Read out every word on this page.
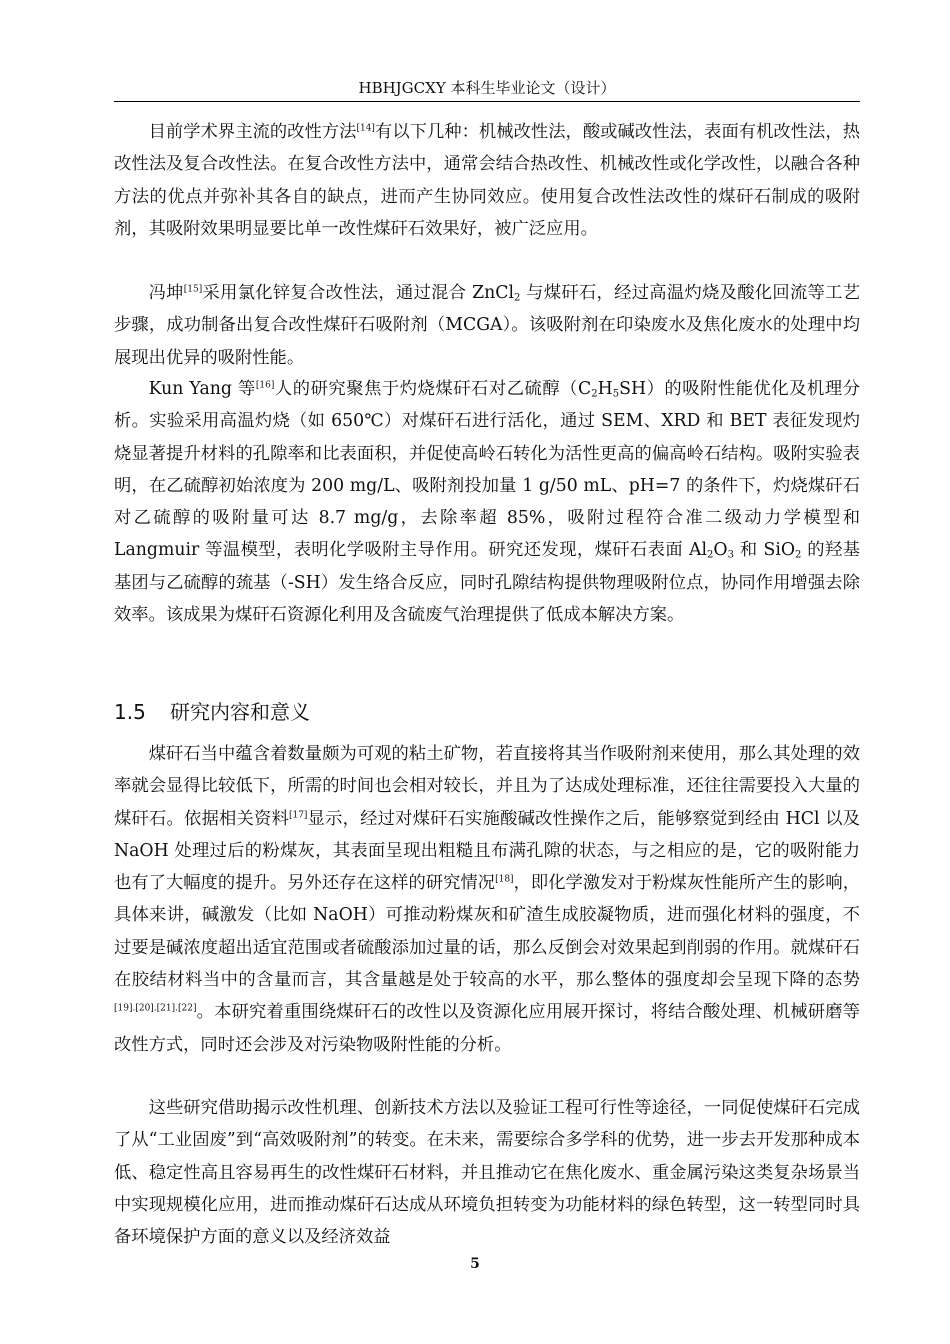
HBHJGCXY 本科生毕业论文（设计）

目前学术界主流的改性方法[14]有以下几种：机械改性法，酸或碱改性法，表面有机改性法，热改性法及复合改性法。在复合改性方法中，通常会结合热改性、机械改性或化学改性，以融合各种方法的优点并弥补其各自的缺点，进而产生协同效应。使用复合改性法改性的煤矸石制成的吸附剂，其吸附效果明显要比单一改性煤矸石效果好，被广泛应用。

冯坤[15]采用氯化锌复合改性法，通过混合 ZnCl$_2$ 与煤矸石，经过高温灼烧及酸化回流等工艺步骤，成功制备出复合改性煤矸石吸附剂（MCGA）。该吸附剂在印染废水及焦化废水的处理中均展现出优异的吸附性能。

Kun Yang 等[16]人的研究聚焦于灼烧煤矸石对乙硫醇$(C_2H_5SH)$的吸附性能优化及机理分析。实验采用高温灼烧（如 650℃）对煤矸石进行活化，通过 SEM、XRD 和 BET 表征发现灼烧显著提升材料的孔隙率和比表面积，并促使高岭石转化为活性更高的偏高岭石结构。吸附实验表明，在乙硫醇初始浓度为 200 mg/L、吸附剂投加量 1 g/50 mL、pH=7 的条件下，灼烧煤矸石对乙硫醇的吸附量可达 8.7 mg/g，去除率超 85%，吸附过程符合准二级动力学模型和 Langmuir 等温模型，表明化学吸附主导作用。研究还发现，煤矸石表面 $Al_2O_3$ 和 SiO$_2$ 的羟基基团与乙硫醇的巯基（-SH）发生络合反应，同时孔隙结构提供物理吸附位点，协同作用增强去除效率。该成果为煤矸石资源化利用及含硫废气治理提供了低成本解决方案。

1.5 研究内容和意义

煤矸石当中蕴含着数量颇为可观的粘土矿物，若直接将其当作吸附剂来使用，那么其处理的效率就会显得比较低下，所需的时间也会相对较长，并且为了达成处理标准，还往往需要投入大量的煤矸石。依据相关资料[17]显示，经过对煤矸石实施酸碱改性操作之后，能够察觉到经由 HCl 以及 NaOH 处理过后的粉煤灰，其表面呈现出粗糙且布满孔隙的状态，与之相应的是，它的吸附能力也有了大幅度的提升。另外还存在这样的研究情况[18]，即化学激发对于粉煤灰性能所产生的影响，具体来讲，碱激发（比如 NaOH）可推动粉煤灰和矿渣生成胶凝物质，进而强化材料的强度，不过要是碱浓度超出适宜范围或者硫酸添加过量的话，那么反倒会对效果起到削弱的作用。就煤矸石在胶结材料当中的含量而言，其含量越是处于较高的水平，那么整体的强度却会呈现下降的态势[19].[20].[21].[22]。本研究着重围绕煤矸石的改性以及资源化应用展开探讨，将结合酸处理、机械研磨等改性方式，同时还会涉及对污染物吸附性能的分析。

这些研究借助揭示改性机理、创新技术方法以及验证工程可行性等途径，一同促使煤矸石完成了从“工业固废”到“高效吸附剂”的转变。在未来，需要综合多学科的优势，进一步去开发那种成本低、稳定性高且容易再生的改性煤矸石材料，并且推动它在焦化废水、重金属污染这类复杂场景当中实现规模化应用，进而推动煤矸石达成从环境负担转变为功能材料的绿色转型，这一转型同时具备环境保护方面的意义以及经济效益

5
